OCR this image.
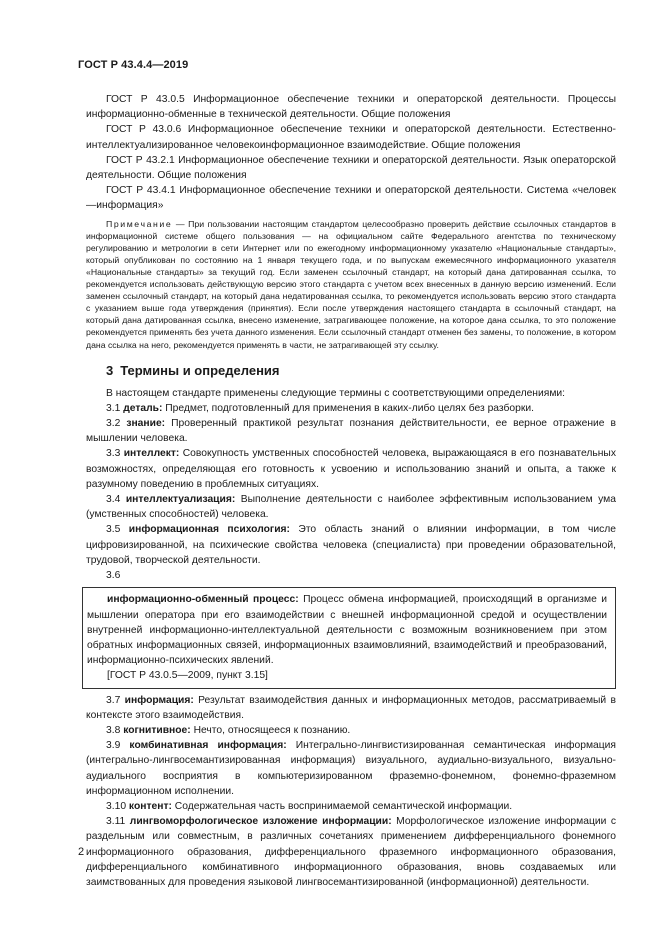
ГОСТ Р 43.4.4—2019

ГОСТ Р 43.0.5 Информационное обеспечение техники и операторской деятельности. Процессы информационно-обменные в технической деятельности. Общие положения

ГОСТ Р 43.0.6 Информационное обеспечение техники и операторской деятельности. Естественно-интеллектуализированное человекоинформационное взаимодействие. Общие положения

ГОСТ Р 43.2.1 Информационное обеспечение техники и операторской деятельности. Язык операторской деятельности. Общие положения

ГОСТ Р 43.4.1 Информационное обеспечение техники и операторской деятельности. Система «человек—информация»

Примечание — При пользовании настоящим стандартом целесообразно проверить действие ссылочных стандартов в информационной системе общего пользования — на официальном сайте Федерального агентства по техническому регулированию и метрологии в сети Интернет или по ежегодному информационному указателю «Национальные стандарты», который опубликован по состоянию на 1 января текущего года, и по выпускам ежемесячного информационного указателя «Национальные стандарты» за текущий год. Если заменен ссылочный стандарт, на который дана датированная ссылка, то рекомендуется использовать действующую версию этого стандарта с учетом всех внесенных в данную версию изменений. Если заменен ссылочный стандарт, на который дана недатированная ссылка, то рекомендуется использовать версию этого стандарта с указанием выше года утверждения (принятия). Если после утверждения настоящего стандарта в ссылочный стандарт, на который дана датированная ссылка, внесено изменение, затрагивающее положение, на которое дана ссылка, то это положение рекомендуется применять без учета данного изменения. Если ссылочный стандарт отменен без замены, то положение, в котором дана ссылка на него, рекомендуется применять в части, не затрагивающей эту ссылку.

3 Термины и определения

В настоящем стандарте применены следующие термины с соответствующими определениями:

3.1 деталь: Предмет, подготовленный для применения в каких-либо целях без разборки.

3.2 знание: Проверенный практикой результат познания действительности, ее верное отражение в мышлении человека.

3.3 интеллект: Совокупность умственных способностей человека, выражающаяся в его познавательных возможностях, определяющая его готовность к усвоению и использованию знаний и опыта, а также к разумному поведению в проблемных ситуациях.

3.4 интеллектуализация: Выполнение деятельности с наиболее эффективным использованием ума (умственных способностей) человека.

3.5 информационная психология: Это область знаний о влиянии информации, в том числе цифровизированной, на психические свойства человека (специалиста) при проведении образовательной, трудовой, творческой деятельности.

3.6

информационно-обменный процесс: Процесс обмена информацией, происходящий в организме и мышлении оператора при его взаимодействии с внешней информационной средой и осуществлении внутренней информационно-интеллектуальной деятельности с возможным возникновением при этом обратных информационных связей, информационных взаимовлияний, взаимодействий и преобразований, информационно-психических явлений.

[ГОСТ Р 43.0.5—2009, пункт 3.15]

3.7 информация: Результат взаимодействия данных и информационных методов, рассматриваемый в контексте этого взаимодействия.

3.8 когнитивное: Нечто, относящееся к познанию.

3.9 комбинативная информация: Интегрально-лингвистизированная семантическая информация (интегрально-лингвосемантизированная информация) визуального, аудиально-визуального, визуально-аудиального восприятия в компьютеризированном фраземно-фонемном, фонемно-фраземном информационном исполнении.

3.10 контент: Содержательная часть воспринимаемой семантической информации.

3.11 лингвоморфологическое изложение информации: Морфологическое изложение информации с раздельным или совместным, в различных сочетаниях применением дифференциального фонемного информационного образования, дифференциального фраземного информационного образования, дифференциального комбинативного информационного образования, вновь создаваемых или заимствованных для проведения языковой лингвосемантизированной (информационной) деятельности.

2
